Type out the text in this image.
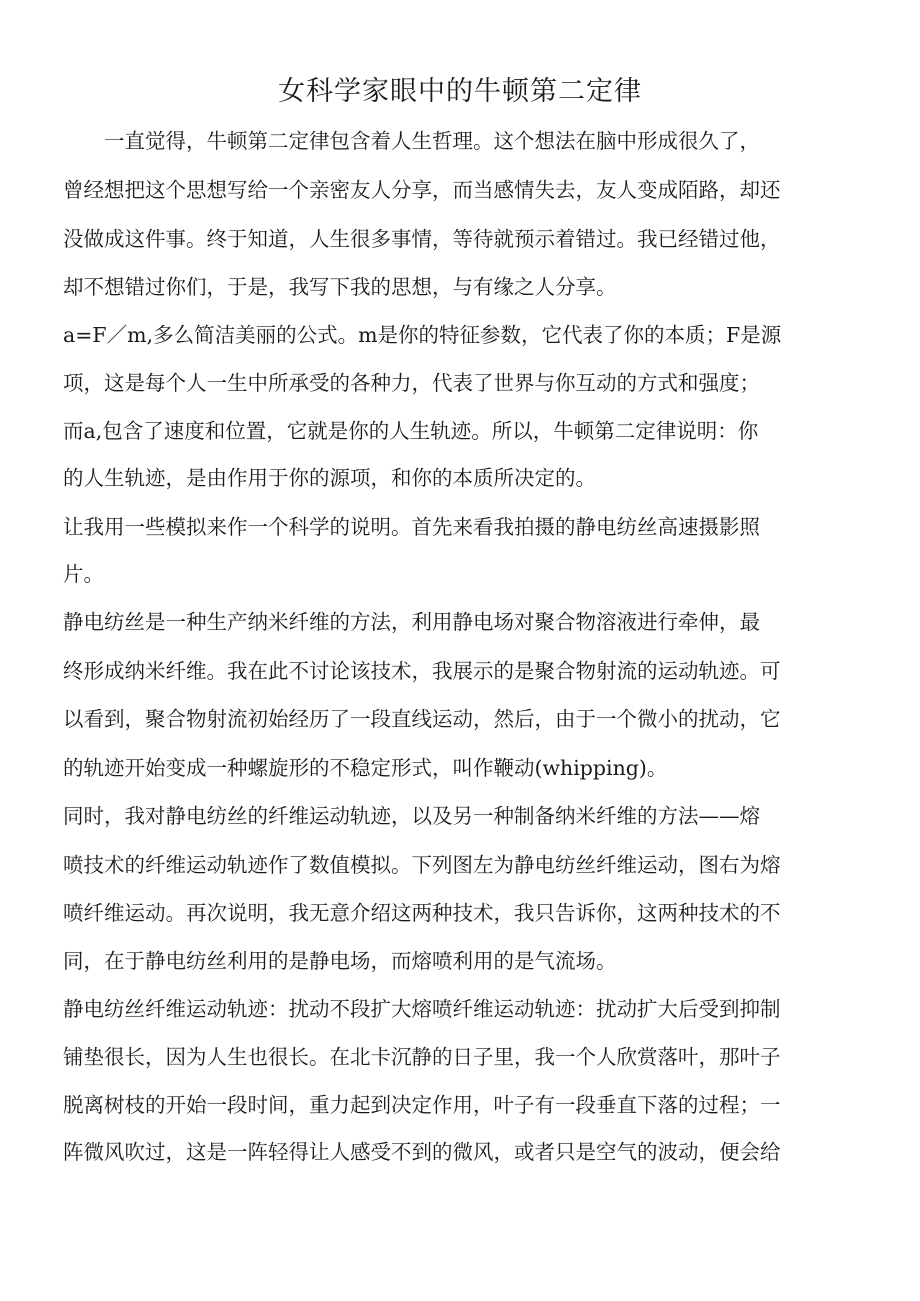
女科学家眼中的牛顿第二定律

　　一直觉得，牛顿第二定律包含着人生哲理。这个想法在脑中形成很久了，

曾经想把这个思想写给一个亲密友人分享，而当感情失去，友人变成陌路，却还

没做成这件事。终于知道，人生很多事情，等待就预示着错过。我已经错过他，

却不想错过你们，于是，我写下我的思想，与有缘之人分享。

a=F／m,多么简洁美丽的公式。m是你的特征参数，它代表了你的本质；F是源

项，这是每个人一生中所承受的各种力，代表了世界与你互动的方式和强度；

而a,包含了速度和位置，它就是你的人生轨迹。所以，牛顿第二定律说明：你

的人生轨迹，是由作用于你的源项，和你的本质所决定的。

让我用一些模拟来作一个科学的说明。首先来看我拍摄的静电纺丝高速摄影照

片。

静电纺丝是一种生产纳米纤维的方法，利用静电场对聚合物溶液进行牵伸，最

终形成纳米纤维。我在此不讨论该技术，我展示的是聚合物射流的运动轨迹。可

以看到，聚合物射流初始经历了一段直线运动，然后，由于一个微小的扰动，它

的轨迹开始变成一种螺旋形的不稳定形式，叫作鞭动(whipping)。

同时，我对静电纺丝的纤维运动轨迹，以及另一种制备纳米纤维的方法——熔

喷技术的纤维运动轨迹作了数值模拟。下列图左为静电纺丝纤维运动，图右为熔

喷纤维运动。再次说明，我无意介绍这两种技术，我只告诉你，这两种技术的不

同，在于静电纺丝利用的是静电场，而熔喷利用的是气流场。

静电纺丝纤维运动轨迹：扰动不段扩大熔喷纤维运动轨迹：扰动扩大后受到抑制

铺垫很长，因为人生也很长。在北卡沉静的日子里，我一个人欣赏落叶，那叶子

脱离树枝的开始一段时间，重力起到决定作用，叶子有一段垂直下落的过程；一

阵微风吹过，这是一阵轻得让人感受不到的微风，或者只是空气的波动，便会给
